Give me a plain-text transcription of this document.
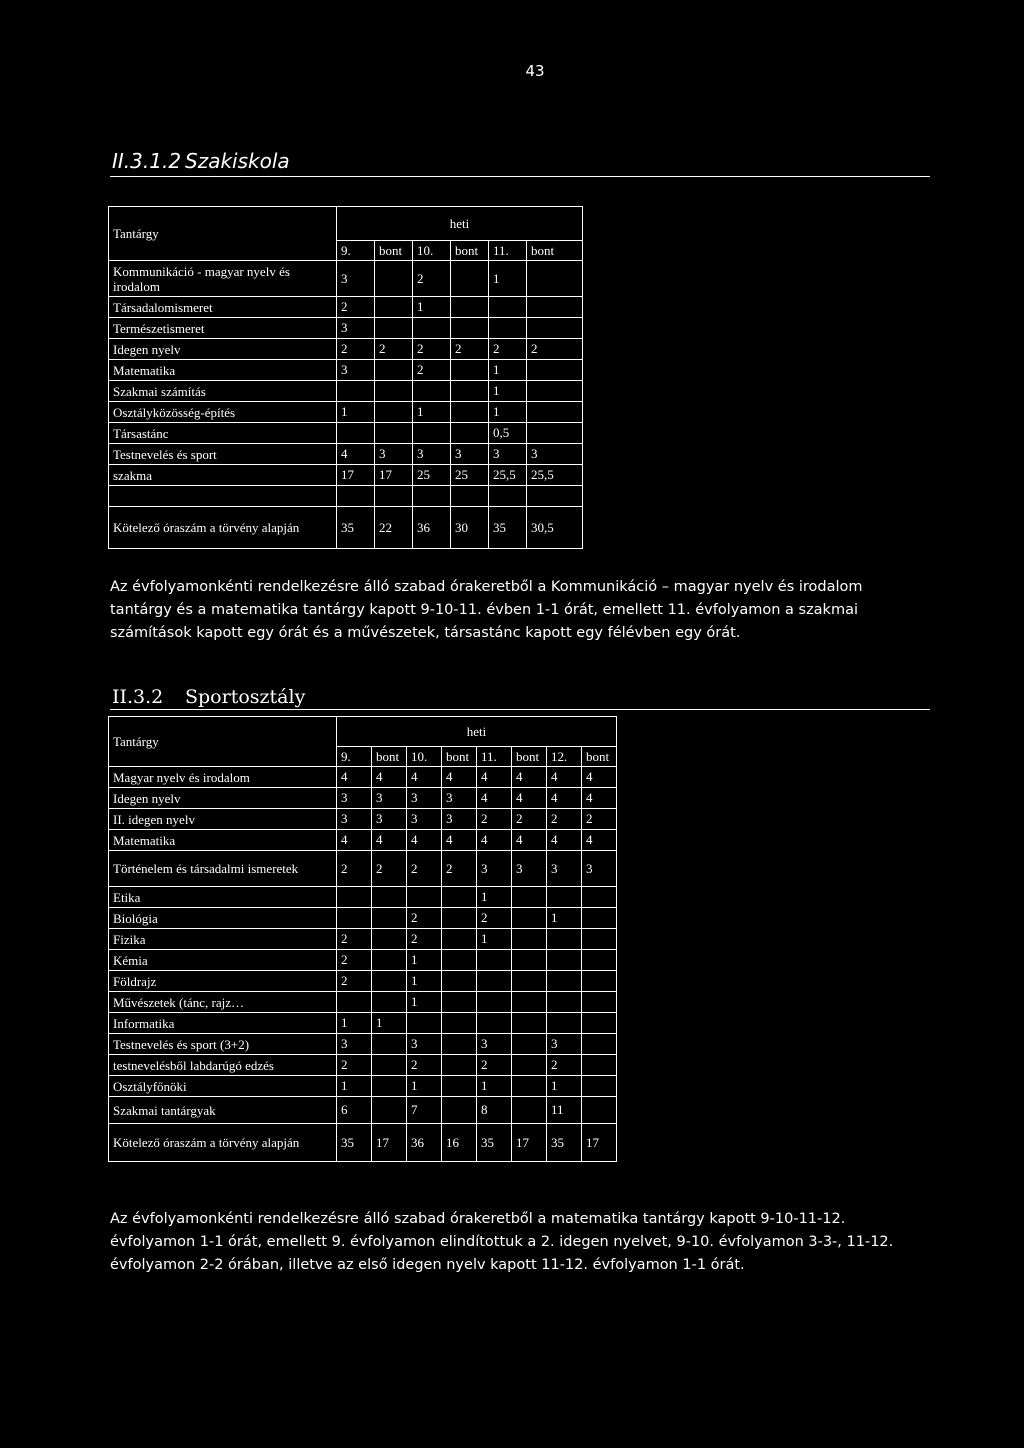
43
II.3.1.2 Szakiskola
Tantárgy	heti					
	9.	bont	10.	bont	11.	bont
Kommunikáció - magyar nyelv és irodalom	3		2		1	
Társadalomismeret	2		1			
Természetismeret	3					
Idegen nyelv	2	2	2	2	2	2
Matematika	3		2		1	
Szakmai számítás					1	
Osztályközösség-építés	1		1		1	
Társastánc					0,5	
Testnevelés és sport	4	3	3	3	3	3
szakma	17	17	25	25	25,5	25,5

Kötelező óraszám a törvény alapján	35	22	36	30	35	30,5
Az évfolyamonkénti rendelkezésre álló szabad órakeretből a Kommunikáció – magyar nyelv és irodalom tantárgy és a matematika tantárgy kapott 9-10-11. évben 1-1 órát, emellett 11. évfolyamon a szakmai számítások kapott egy órát és a művészetek, társastánc kapott egy félévben egy órát.
II.3.2 Sportosztály
Tantárgy	heti							
	9.	bont	10.	bont	11.	bont	12.	bont
Magyar nyelv és irodalom	4	4	4	4	4	4	4	4
Idegen nyelv	3	3	3	3	4	4	4	4
II. idegen nyelv	3	3	3	3	2	2	2	2
Matematika	4	4	4	4	4	4	4	4
Történelem és társadalmi ismeretek	2	2	2	2	3	3	3	3
Etika					1			
Biológia			2		2		1	
Fizika	2		2		1			
Kémia	2		1					
Földrajz	2		1					
Művészetek (tánc, rajz…			1					
Informatika	1	1						
Testnevelés és sport (3+2)	3		3		3		3	
testnevelésből labdarúgó edzés	2		2		2		2	
Osztályfőnöki	1		1		1		1	
Szakmai tantárgyak	6		7		8		11	
Kötelező óraszám a törvény alapján	35	17	36	16	35	17	35	17
Az évfolyamonkénti rendelkezésre álló szabad órakeretből a matematika tantárgy kapott 9-10-11-12. évfolyamon 1-1 órát, emellett 9. évfolyamon elindítottuk a 2. idegen nyelvet, 9-10. évfolyamon 3-3-, 11-12. évfolyamon 2-2 órában, illetve az első idegen nyelv kapott 11-12. évfolyamon 1-1 órát.
